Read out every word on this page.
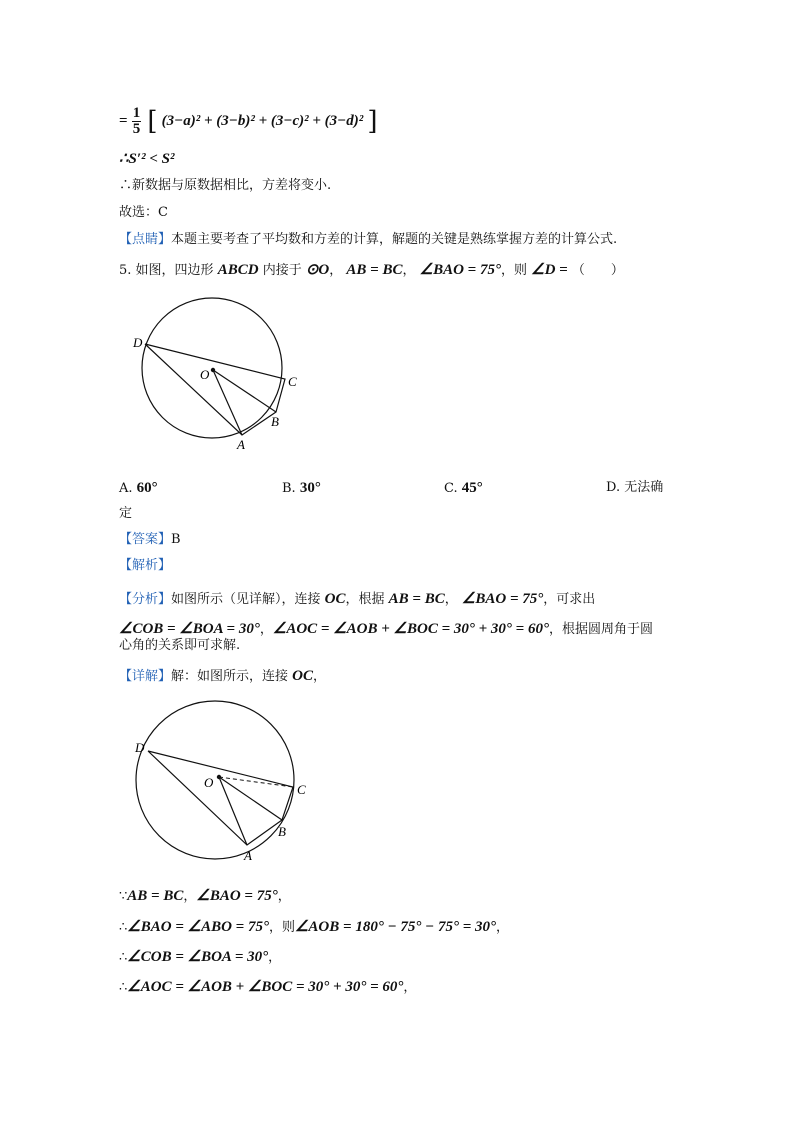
= $\frac{1}{5}$ [ (3−a)² + (3−b)² + (3−c)² + (3−d)² ]
∴S′² < S²
∴新数据与原数据相比，方差将变小.
故选：C
【点睛】本题主要考查了平均数和方差的计算，解题的关键是熟练掌握方差的计算公式.
5. 如图，四边形 ABCD 内接于 ⊙O， AB = BC， ∠BAO = 75°，则 ∠D = （　　）
D
O	C
B
A
A. 60°	B. 30°	C. 45°	D. 无法确
定
【答案】B
【解析】
【分析】如图所示（见详解），连接 OC，根据 AB = BC， ∠BAO = 75°，可求出
∠COB = ∠BOA = 30°，∠AOC = ∠AOB + ∠BOC = 30° + 30° = 60°，根据圆周角于圆
心角的关系即可求解.
【详解】解：如图所示，连接 OC，
D
O	C
B
A
∵AB = BC，∠BAO = 75°，
∴∠BAO = ∠ABO = 75°，则∠AOB = 180° − 75° − 75° = 30°，
∴∠COB = ∠BOA = 30°，
∴∠AOC = ∠AOB + ∠BOC = 30° + 30° = 60°，
